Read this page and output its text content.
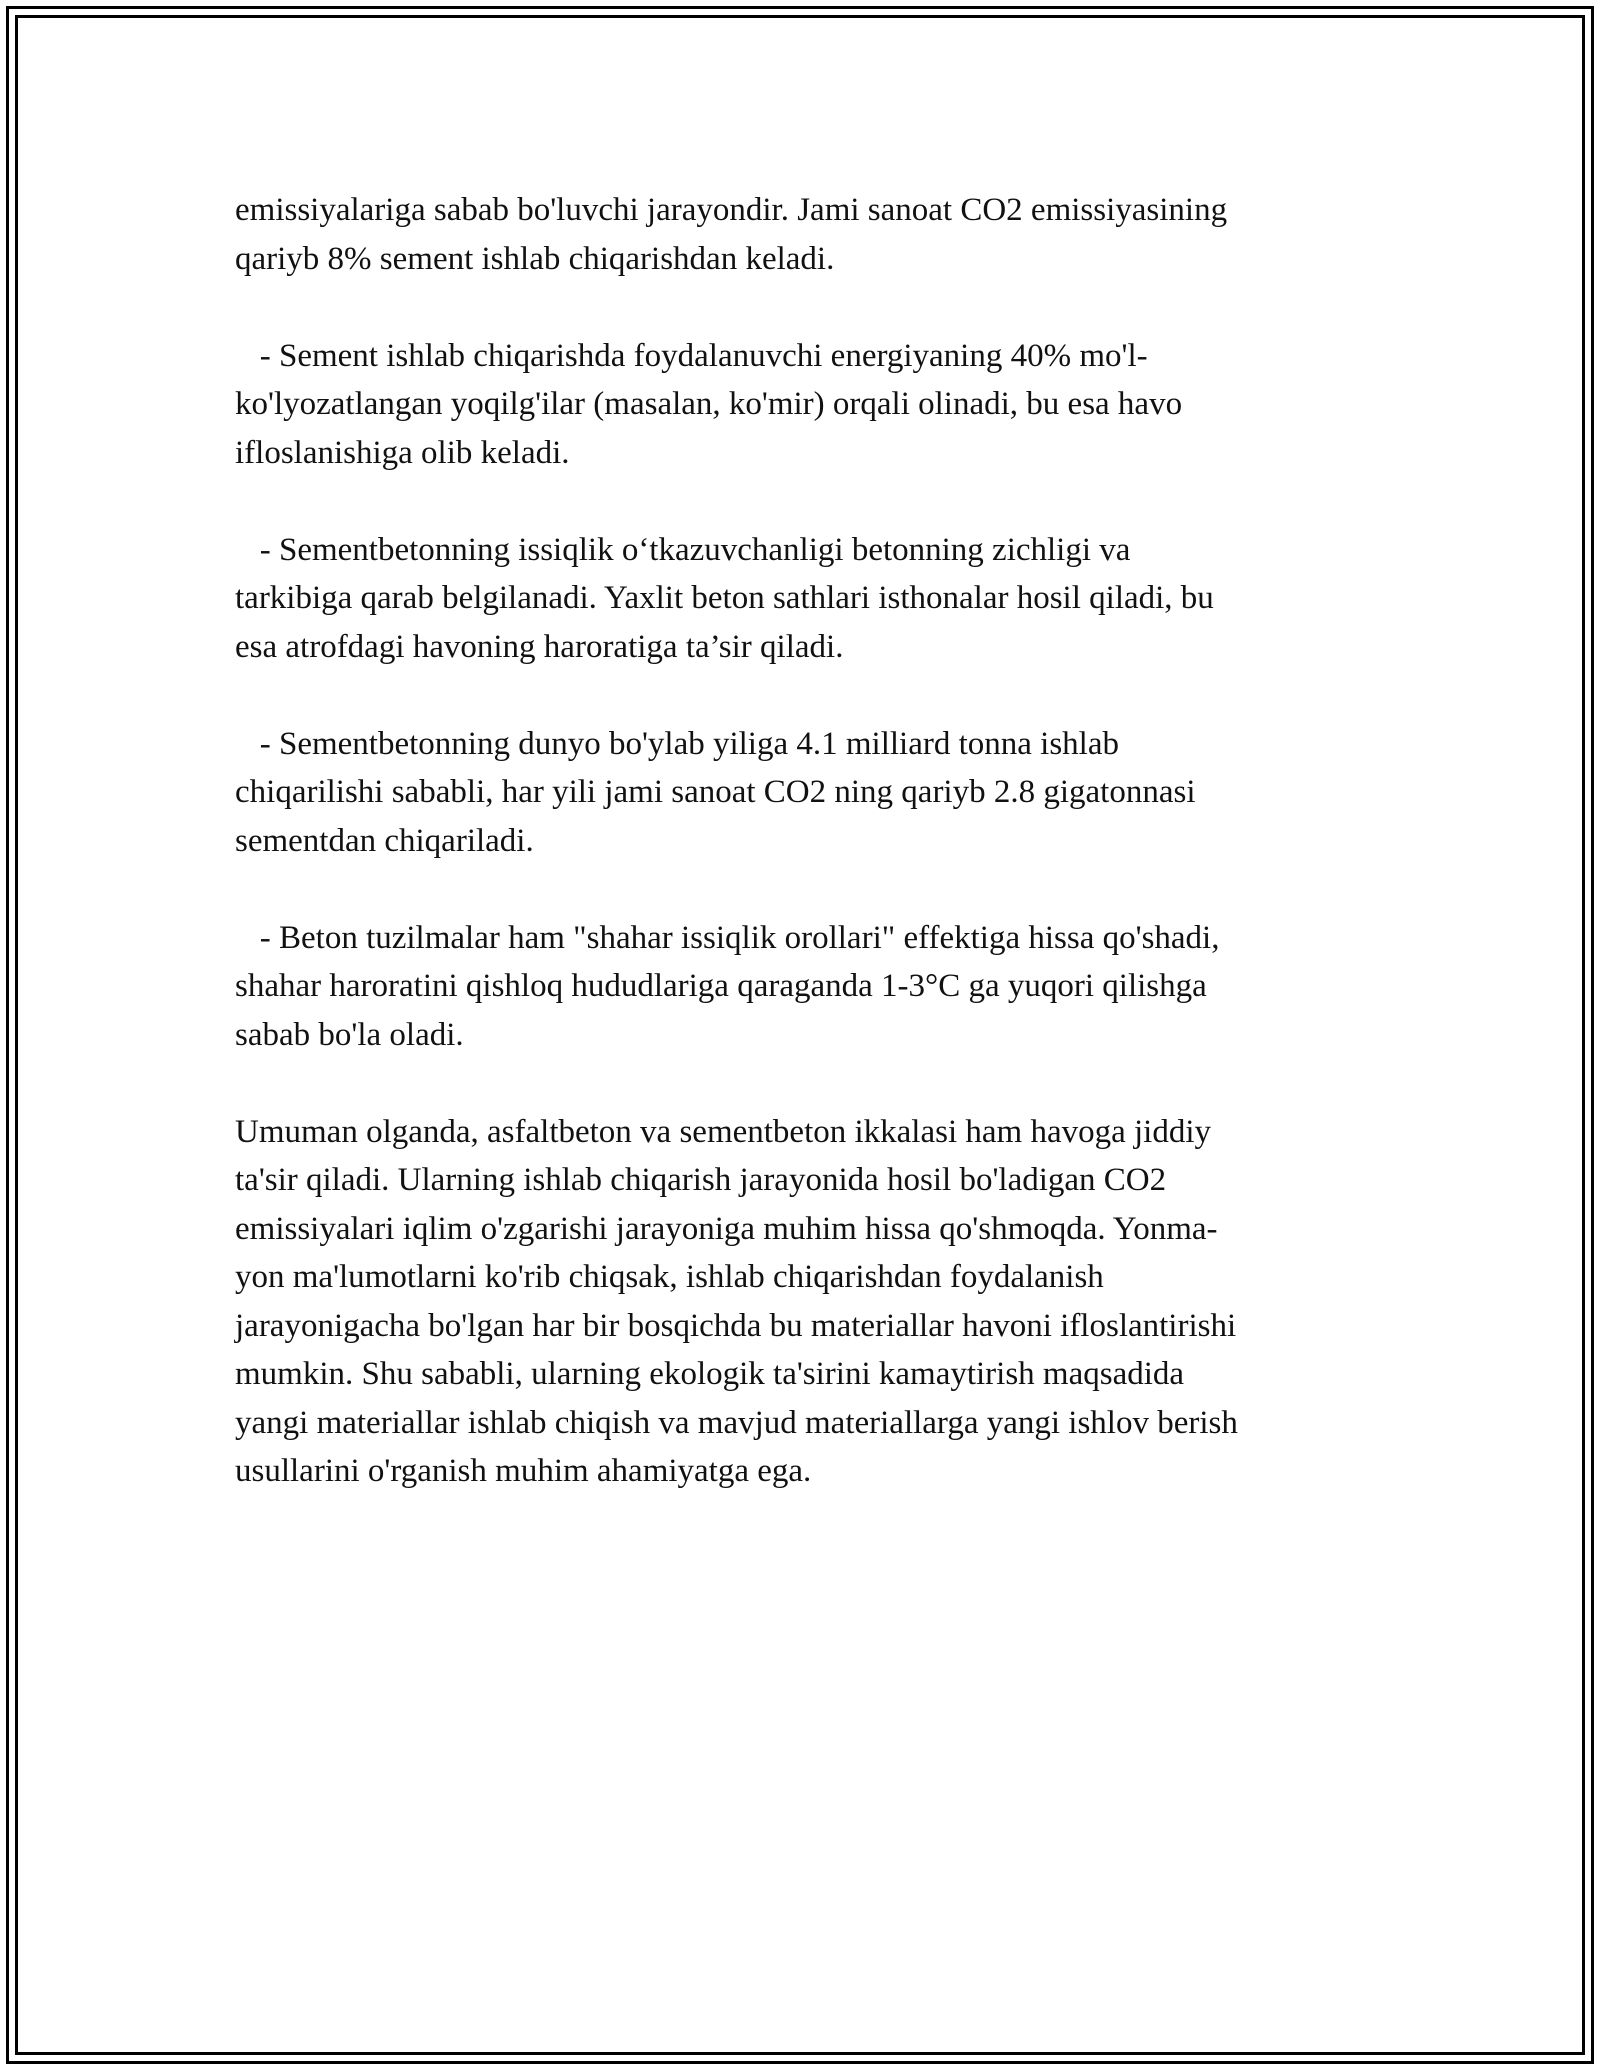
emissiyalariga sabab bo'luvchi jarayondir. Jami sanoat CO2 emissiyasining
qariyb 8% sement ishlab chiqarishdan keladi.
- Sement ishlab chiqarishda foydalanuvchi energiyaning 40% mo'l-
ko'lyozatlangan yoqilg'ilar (masalan, ko'mir) orqali olinadi, bu esa havo
ifloslanishiga olib keladi.
- Sementbetonning issiqlik o‘tkazuvchanligi betonning zichligi va
tarkibiga qarab belgilanadi. Yaxlit beton sathlari isthonalar hosil qiladi, bu
esa atrofdagi havoning haroratiga ta’sir qiladi.
- Sementbetonning dunyo bo'ylab yiliga 4.1 milliard tonna ishlab
chiqarilishi sababli, har yili jami sanoat CO2 ning qariyb 2.8 gigatonnasi
sementdan chiqariladi.
- Beton tuzilmalar ham "shahar issiqlik orollari" effektiga hissa qo'shadi,
shahar haroratini qishloq hududlariga qaraganda 1-3°C ga yuqori qilishga
sabab bo'la oladi.
Umuman olganda, asfaltbeton va sementbeton ikkalasi ham havoga jiddiy
ta'sir qiladi. Ularning ishlab chiqarish jarayonida hosil bo'ladigan CO2
emissiyalari iqlim o'zgarishi jarayoniga muhim hissa qo'shmoqda. Yonma-
yon ma'lumotlarni ko'rib chiqsak, ishlab chiqarishdan foydalanish
jarayonigacha bo'lgan har bir bosqichda bu materiallar havoni ifloslantirishi
mumkin. Shu sababli, ularning ekologik ta'sirini kamaytirish maqsadida
yangi materiallar ishlab chiqish va mavjud materiallarga yangi ishlov berish
usullarini o'rganish muhim ahamiyatga ega.
